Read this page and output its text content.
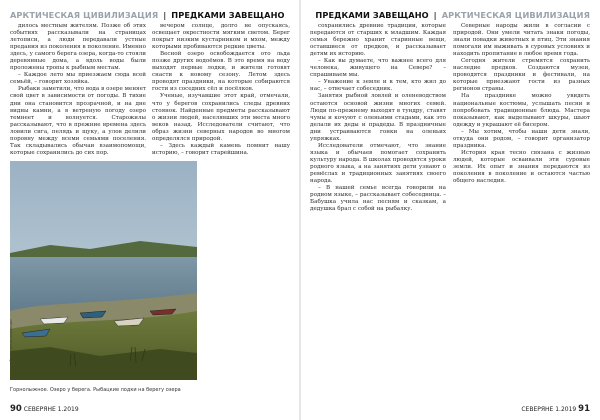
АРКТИЧЕСКАЯ ЦИВИЛИЗАЦИЯ | ПРЕДКАМИ ЗАВЕЩАНО

дилось местным жителям. Позже об этих событиях рассказывали на страницах летописи, а люди передавали устные предания из поколения в поколение. Именно здесь, у самого берега озера, когда-то стояли деревянные дома, а вдоль воды были проложены тропы к рыбным местам.

– Каждое лето мы приезжаем сюда всей семьёй, – говорит хозяйка.

Рыбаки заметили, что вода в озере меняет свой цвет в зависимости от погоды. В тихие дни она становится прозрачной, и на дне видны камни, а в ветреную погоду озеро темнеет и волнуется. Старожилы рассказывают, что в прежние времена здесь ловили сига, пелядь и щуку, а улов делили поровну между всеми семьями поселения. Так складывались обычаи взаимопомощи, которые сохранились до сих пор.

вечером солнце, долго не опускаясь, освещает окрестности мягким светом. Берег покрыт низким кустарником и мхом, между которыми пробиваются редкие цветы.

Весной озеро освобождается ото льда позже других водоёмов. В это время на воду выходят первые лодки, и жители готовят снасти к новому сезону. Летом здесь проводят праздники, на которые собираются гости из соседних сёл и посёлков.

Ученые, изучавшие этот край, отмечали, что у берегов сохранились следы древних стоянок. Найденные предметы рассказывают о жизни людей, населявших эти места много веков назад. Исследователи считают, что образ жизни северных народов во многом определялся природой.

– Здесь каждый камень помнит нашу историю, – говорит старейшина.

Фото: архив редакции
Горнолыжное. Озеро у берега. Рыбацкие лодки на берегу озера
90 СЕВЕРЯНЕ 1.2019
ПРЕДКАМИ ЗАВЕЩАНО | АРКТИЧЕСКАЯ ЦИВИЛИЗАЦИЯ

сохранились древние традиции, которые передаются от старших к младшим. Каждая семья бережно хранит старинные вещи, оставшиеся от предков, и рассказывает детям их историю.

– Как вы думаете, что важнее всего для человека, живущего на Севере? – спрашиваем мы.

– Уважение к земле и к тем, кто жил до нас, – отвечает собеседник.

Занятия рыбной ловлей и оленеводством остаются основой жизни многих семей. Люди по-прежнему выходят в тундру, ставят чумы и кочуют с оленьими стадами, как это делали их деды и прадеды. В праздничные дни устраиваются гонки на оленьих упряжках.

Исследователи отмечают, что знание языка и обычаев помогает сохранить культуру народа. В школах проводятся уроки родного языка, а на занятиях дети узнают о ремёслах и традиционных занятиях своего народа.

– В нашей семье всегда говорили на родном языке, – рассказывает собеседница. – Бабушка учила нас песням и сказкам, а дедушка брал с собой на рыбалку.

Северные народы жили в согласии с природой. Они умели читать знаки погоды, знали повадки животных и птиц. Эти знания помогали им выживать в суровых условиях и находить пропитание в любое время года.

Сегодня жители стремятся сохранить наследие предков. Создаются музеи, проводятся праздники и фестивали, на которые приезжают гости из разных регионов страны.

На празднике можно увидеть национальные костюмы, услышать песни и попробовать традиционные блюда. Мастера показывают, как выделывают шкуры, шьют одежду и украшают её бисером.

– Мы хотим, чтобы наши дети знали, откуда они родом, – говорит организатор праздника.

История края тесно связана с жизнью людей, которые осваивали эти суровые земли. Их опыт и знания передаются из поколения в поколение и остаются частью общего наследия.

СЕВЕРЯНЕ 1.2019 91
